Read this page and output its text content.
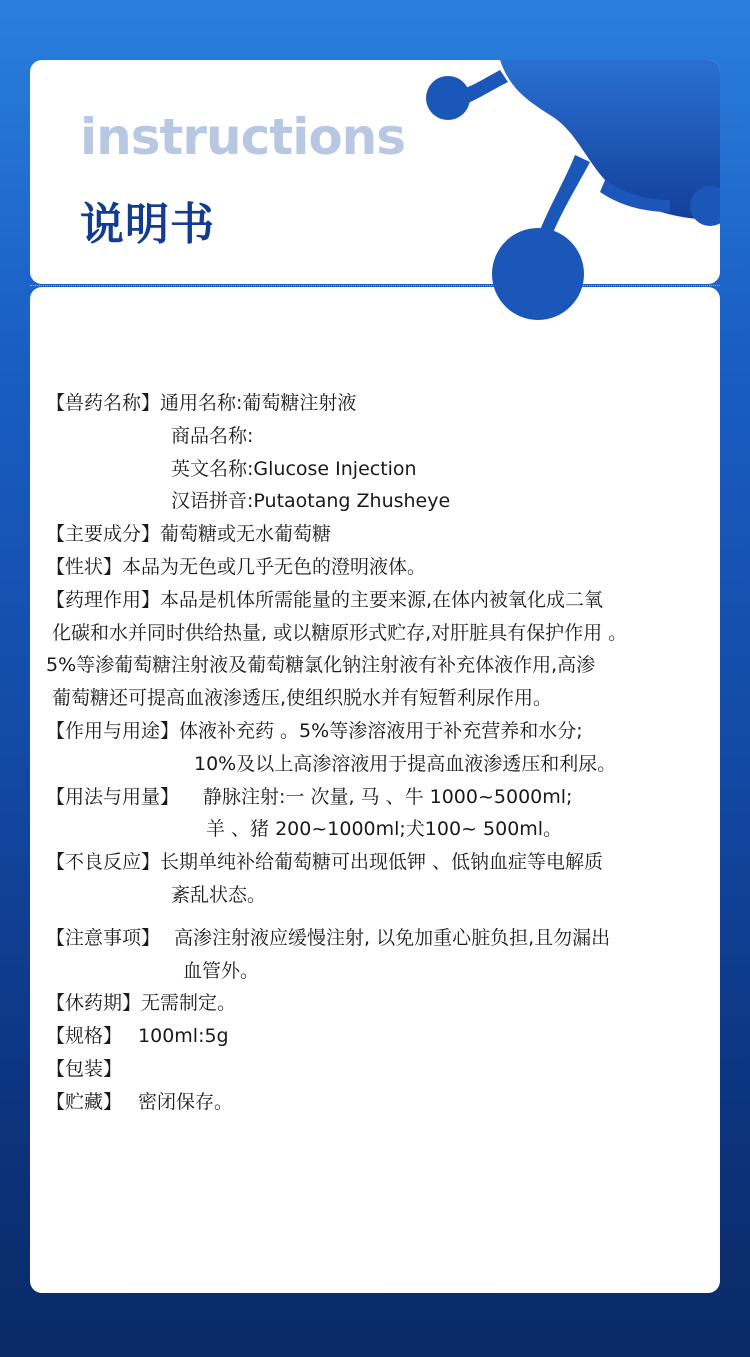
instructions
说明书
【兽药名称】 通用名称:葡萄糖注射液
商品名称:
英文名称:Glucose Injection
汉语拼音:Putaotang Zhusheye
【主要成分】 葡萄糖或无水葡萄糖
【性状】 本品为无色或几乎无色的澄明液体。
【药理作用】 本品是机体所需能量的主要来源,在体内被氧化成二氧
化碳和水并同时供给热量, 或以糖原形式贮存,对肝脏具有保护作用 。
5%等渗葡萄糖注射液及葡萄糖氯化钠注射液有补充体液作用,高渗
葡萄糖还可提高血液渗透压,使组织脱水并有短暂利尿作用。
【作用与用途】 体液补充药 。5%等渗溶液用于补充营养和水分;
10%及以上高渗溶液用于提高血液渗透压和利尿。
【用法与用量】	静脉注射:一 次量, 马 、牛 1000~5000ml;
羊 、猪 200~1000ml;犬100~ 500ml。
【不良反应】 长期单纯补给葡萄糖可出现低钾 、低钠血症等电解质
紊乱状态。
【注意事项】 高渗注射液应缓慢注射, 以免加重心脏负担,且勿漏出
血管外。
【休药期】 无需制定。
【规格】 100ml:5g
【包装】
【贮藏】 密闭保存。
